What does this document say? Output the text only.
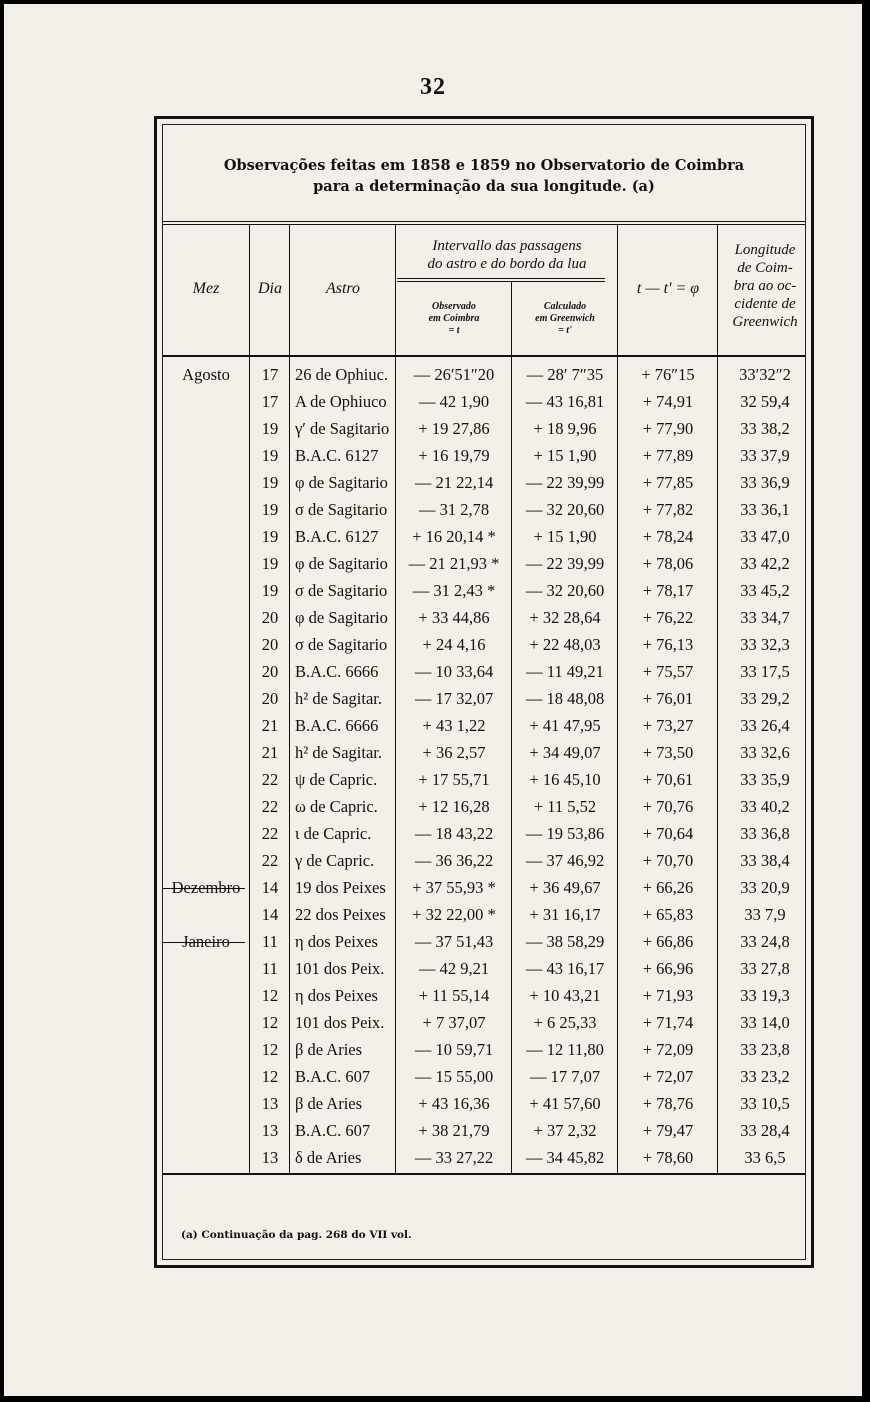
32
Observações feitas em 1858 e 1859 no Observatorio de Coimbra
para a determinação da sua longitude. (a)
Mez	Dia	Astro
Intervallo das passagens
do astro e do bordo da lua
Observado
em Coimbra
= t
Calculado
em Greenwich
= t'
t — t' = φ
Longitude
de Coim-
bra ao oc-
cidente de
Greenwich
Agosto	17	26 de Ophiuc.	— 26′51″20	— 28′ 7″35	+ 76″15	33′32″2
17	A de Ophiuco	— 42 1,90	— 43 16,81	+ 74,91	32 59,4
19	γ′ de Sagitario	+ 19 27,86	+ 18 9,96	+ 77,90	33 38,2
19	B.A.C. 6127	+ 16 19,79	+ 15 1,90	+ 77,89	33 37,9
19	φ de Sagitario	— 21 22,14	— 22 39,99	+ 77,85	33 36,9
19	σ de Sagitario	— 31 2,78	— 32 20,60	+ 77,82	33 36,1
19	B.A.C. 6127	+ 16 20,14 *	+ 15 1,90	+ 78,24	33 47,0
19	φ de Sagitario	— 21 21,93 *	— 22 39,99	+ 78,06	33 42,2
19	σ de Sagitario	— 31 2,43 *	— 32 20,60	+ 78,17	33 45,2
20	φ de Sagitario	+ 33 44,86	+ 32 28,64	+ 76,22	33 34,7
20	σ de Sagitario	+ 24 4,16	+ 22 48,03	+ 76,13	33 32,3
20	B.A.C. 6666	— 10 33,64	— 11 49,21	+ 75,57	33 17,5
20	h² de Sagitar.	— 17 32,07	— 18 48,08	+ 76,01	33 29,2
21	B.A.C. 6666	+ 43 1,22	+ 41 47,95	+ 73,27	33 26,4
21	h² de Sagitar.	+ 36 2,57	+ 34 49,07	+ 73,50	33 32,6
22	ψ de Capric.	+ 17 55,71	+ 16 45,10	+ 70,61	33 35,9
22	ω de Capric.	+ 12 16,28	+ 11 5,52	+ 70,76	33 40,2
22	ι de Capric.	— 18 43,22	— 19 53,86	+ 70,64	33 36,8
22	γ de Capric.	— 36 36,22	— 37 46,92	+ 70,70	33 38,4
Dezembro	14	19 dos Peixes	+ 37 55,93 *	+ 36 49,67	+ 66,26	33 20,9
14	22 dos Peixes	+ 32 22,00 *	+ 31 16,17	+ 65,83	33 7,9
Janeiro	11	η dos Peixes	— 37 51,43	— 38 58,29	+ 66,86	33 24,8
11	101 dos Peix.	— 42 9,21	— 43 16,17	+ 66,96	33 27,8
12	η dos Peixes	+ 11 55,14	+ 10 43,21	+ 71,93	33 19,3
12	101 dos Peix.	+ 7 37,07	+ 6 25,33	+ 71,74	33 14,0
12	β de Aries	— 10 59,71	— 12 11,80	+ 72,09	33 23,8
12	B.A.C. 607	— 15 55,00	— 17 7,07	+ 72,07	33 23,2
13	β de Aries	+ 43 16,36	+ 41 57,60	+ 78,76	33 10,5
13	B.A.C. 607	+ 38 21,79	+ 37 2,32	+ 79,47	33 28,4
13	δ de Aries	— 33 27,22	— 34 45,82	+ 78,60	33 6,5
(a) Continuação da pag. 268 do VII vol.
